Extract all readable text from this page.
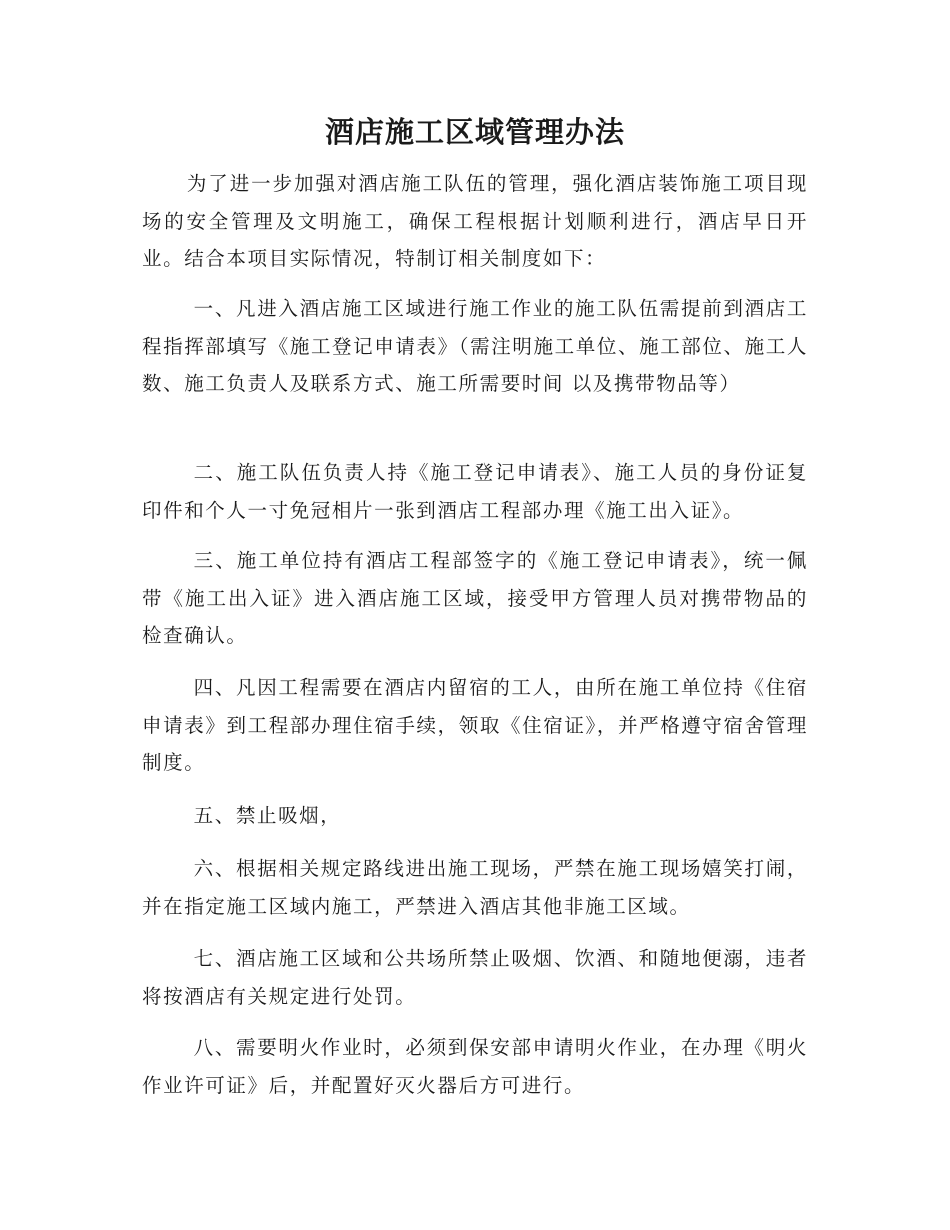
酒店施工区域管理办法

为了进一步加强对酒店施工队伍的管理，强化酒店装饰施工项目现场的安全管理及文明施工，确保工程根据计划顺利进行，酒店早日开业。结合本项目实际情况，特制订相关制度如下：

一、凡进入酒店施工区域进行施工作业的施工队伍需提前到酒店工程指挥部填写《施工登记申请表》（需注明施工单位、施工部位、施工人数、施工负责人及联系方式、施工所需要时间 以及携带物品等）

二、施工队伍负责人持《施工登记申请表》、施工人员的身份证复印件和个人一寸免冠相片一张到酒店工程部办理《施工出入证》。

三、施工单位持有酒店工程部签字的《施工登记申请表》，统一佩带《施工出入证》进入酒店施工区域，接受甲方管理人员对携带物品的检查确认。

四、凡因工程需要在酒店内留宿的工人，由所在施工单位持《住宿申请表》到工程部办理住宿手续，领取《住宿证》，并严格遵守宿舍管理制度。

五、禁止吸烟，

六、根据相关规定路线进出施工现场，严禁在施工现场嬉笑打闹，并在指定施工区域内施工，严禁进入酒店其他非施工区域。

七、酒店施工区域和公共场所禁止吸烟、饮酒、和随地便溺，违者将按酒店有关规定进行处罚。

八、需要明火作业时，必须到保安部申请明火作业，在办理《明火作业许可证》后，并配置好灭火器后方可进行。
